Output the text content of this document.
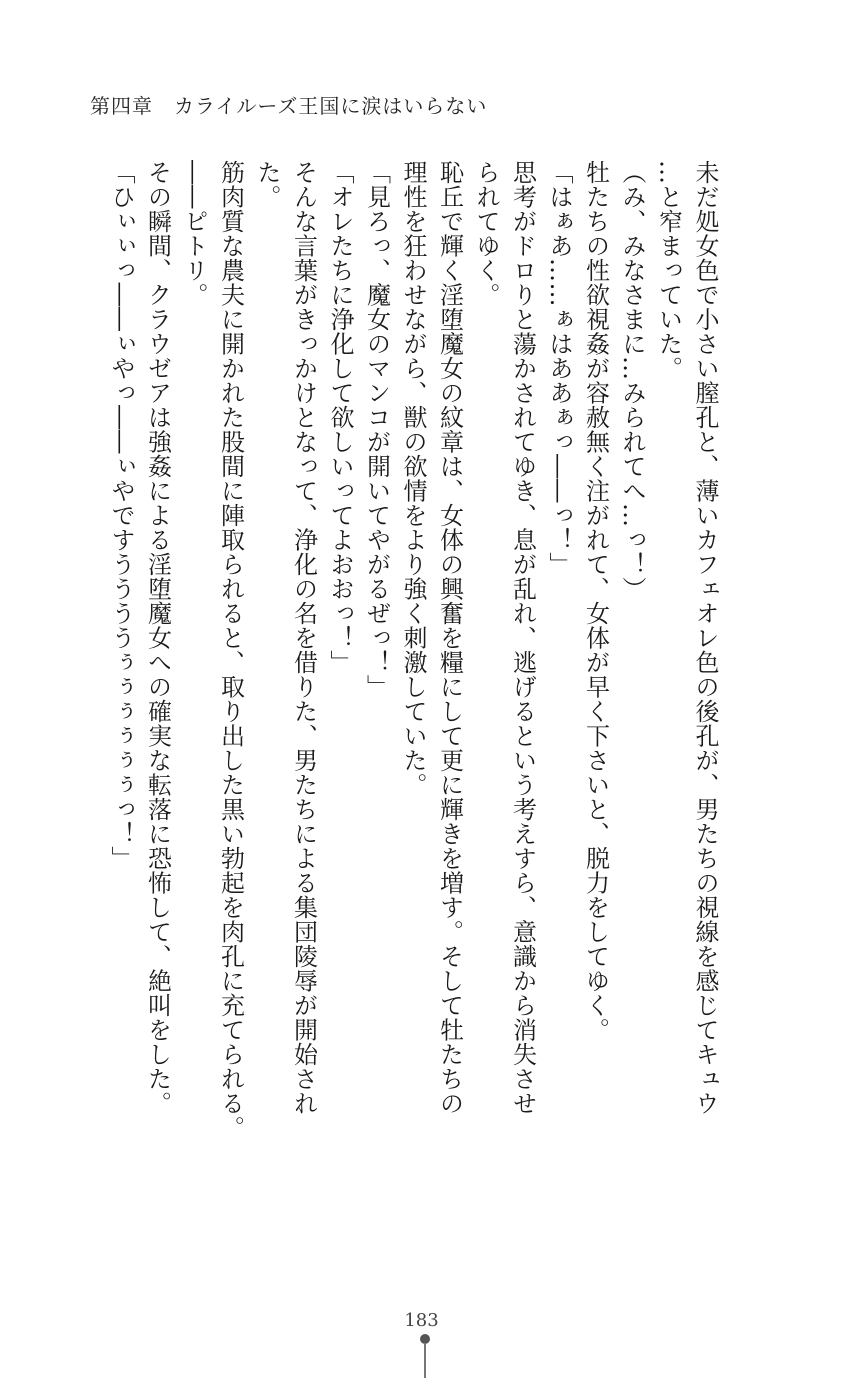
第四章　カライルーズ王国に涙はいらない
未だ処女色で小さい膣孔と、薄いカフェオレ色の後孔が、男たちの視線を感じてキュウ
…と窄まっていた。
（み、みなさまに…みられてへ…っ！）
牡たちの性欲視姦が容赦無く注がれて、女体が早く下さいと、脱力をしてゆく。
「はぁあ……ぁはああぁっ――っ！」
思考がドロりと蕩かされてゆき、息が乱れ、逃げるという考えすら、意識から消失させ
られてゆく。
恥丘で輝く淫堕魔女の紋章は、女体の興奮を糧にして更に輝きを増す。そして牡たちの
理性を狂わせながら、獣の欲情をより強く刺激していた。
「見ろっ、魔女のマンコが開いてやがるぜっ！」
「オレたちに浄化して欲しいってよおおっ！」
そんな言葉がきっかけとなって、浄化の名を借りた、男たちによる集団陵辱が開始され
た。
筋肉質な農夫に開かれた股間に陣取られると、取り出した黒い勃起を肉孔に充てられる。
――ピトリ。
その瞬間、クラウゼアは強姦による淫堕魔女への確実な転落に恐怖して、絶叫をした。
「ひぃぃっ――ぃやっ――ぃやですううううぅぅぅぅぅぅっ！」
183
